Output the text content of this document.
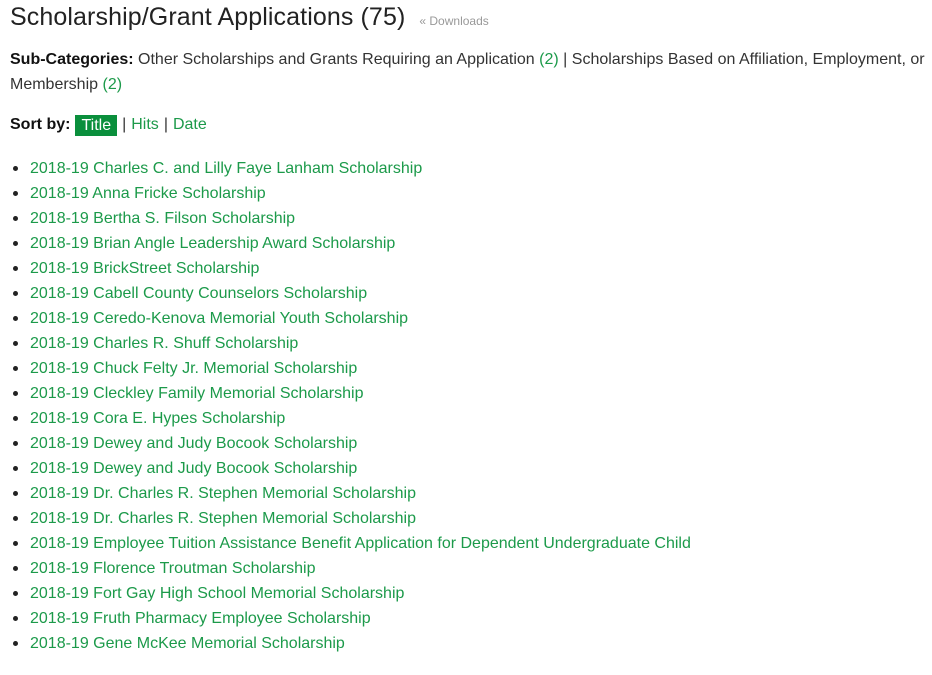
Scholarship/Grant Applications (75) « Downloads
Sub-Categories: Other Scholarships and Grants Requiring an Application (2) | Scholarships Based on Affiliation, Employment, or Membership (2)
Sort by: Title | Hits | Date
2018-19 Charles C. and Lilly Faye Lanham Scholarship
2018-19 Anna Fricke Scholarship
2018-19 Bertha S. Filson Scholarship
2018-19 Brian Angle Leadership Award Scholarship
2018-19 BrickStreet Scholarship
2018-19 Cabell County Counselors Scholarship
2018-19 Ceredo-Kenova Memorial Youth Scholarship
2018-19 Charles R. Shuff Scholarship
2018-19 Chuck Felty Jr. Memorial Scholarship
2018-19 Cleckley Family Memorial Scholarship
2018-19 Cora E. Hypes Scholarship
2018-19 Dewey and Judy Bocook Scholarship
2018-19 Dewey and Judy Bocook Scholarship
2018-19 Dr. Charles R. Stephen Memorial Scholarship
2018-19 Dr. Charles R. Stephen Memorial Scholarship
2018-19 Employee Tuition Assistance Benefit Application for Dependent Undergraduate Child
2018-19 Florence Troutman Scholarship
2018-19 Fort Gay High School Memorial Scholarship
2018-19 Fruth Pharmacy Employee Scholarship
2018-19 Gene McKee Memorial Scholarship
